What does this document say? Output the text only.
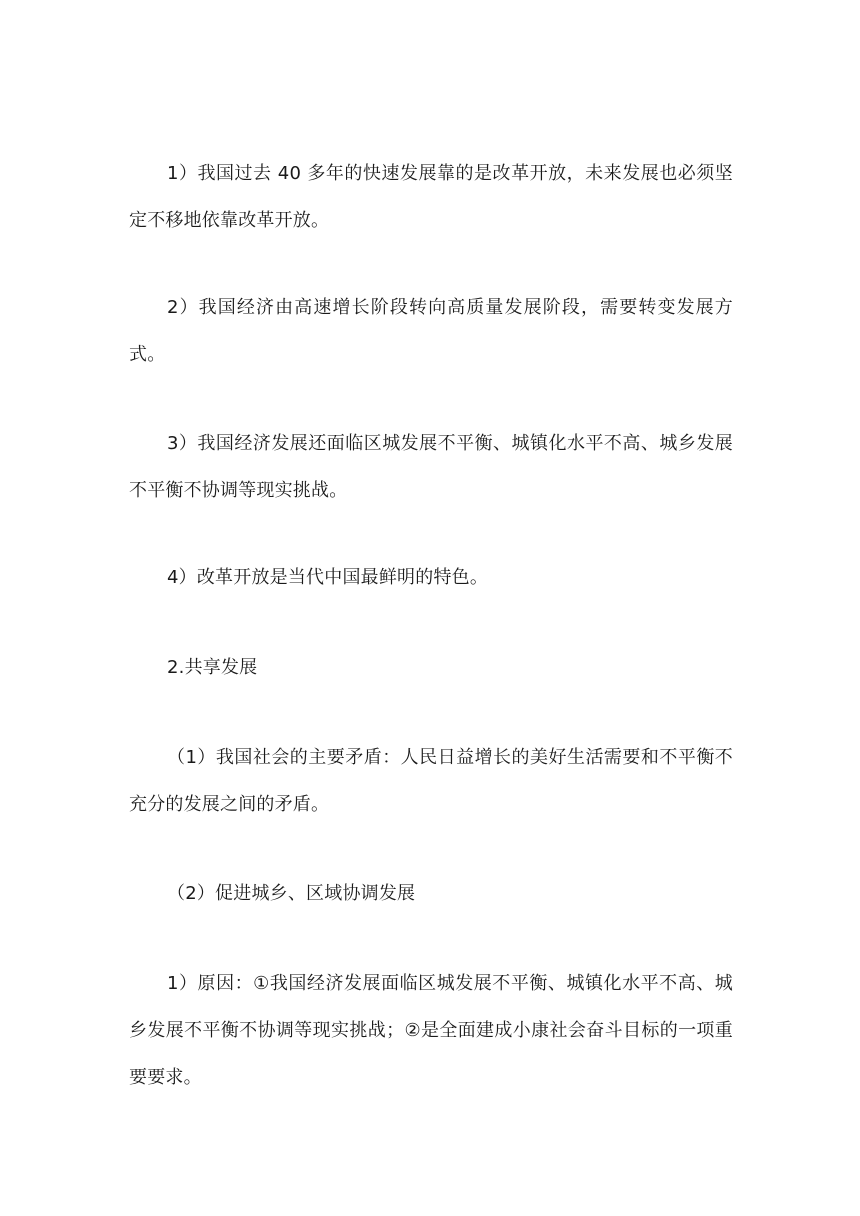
1）我国过去 40 多年的快速发展靠的是改革开放，未来发展也必须坚定不移地依靠改革开放。

2）我国经济由高速增长阶段转向高质量发展阶段，需要转变发展方式。

3）我国经济发展还面临区城发展不平衡、城镇化水平不高、城乡发展不平衡不协调等现实挑战。

4）改革开放是当代中国最鲜明的特色。

2.共享发展

（1）我国社会的主要矛盾：人民日益增长的美好生活需要和不平衡不充分的发展之间的矛盾。

（2）促进城乡、区域协调发展

1）原因：①我国经济发展面临区城发展不平衡、城镇化水平不高、城乡发展不平衡不协调等现实挑战；②是全面建成小康社会奋斗目标的一项重要要求。
